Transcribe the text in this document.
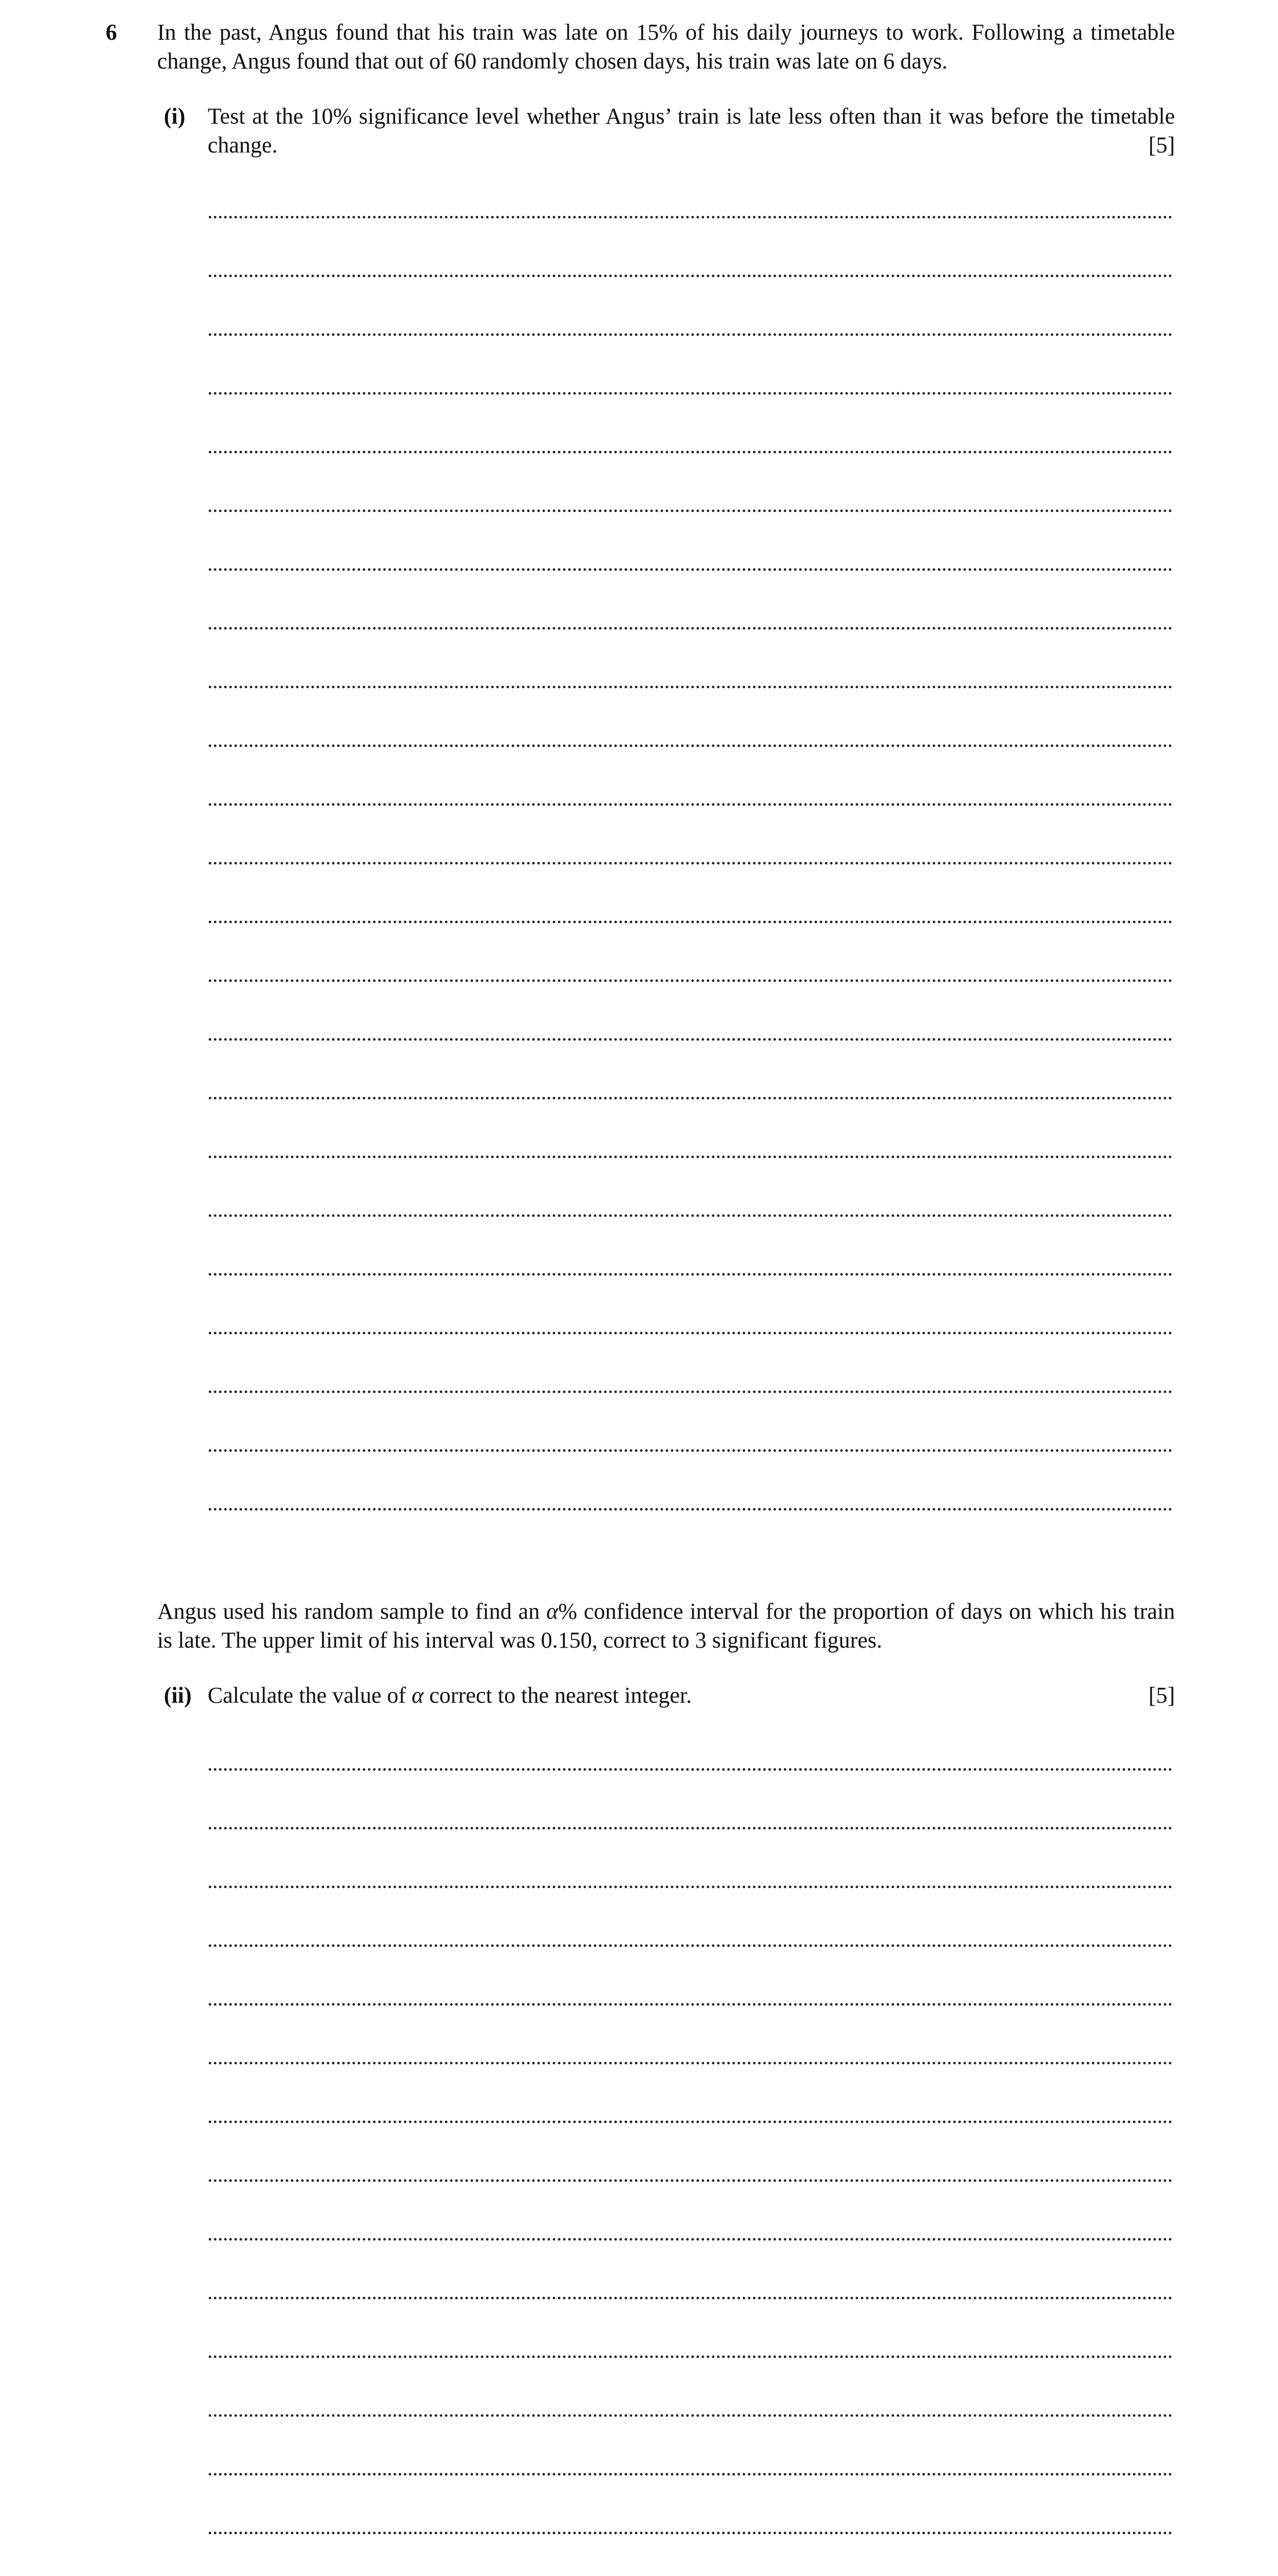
6 In the past, Angus found that his train was late on 15% of his daily journeys to work. Following a timetable change, Angus found that out of 60 randomly chosen days, his train was late on 6 days.
(i) Test at the 10% significance level whether Angus’ train is late less often than it was before the timetable change.	[5]
Angus used his random sample to find an α% confidence interval for the proportion of days on which his train is late. The upper limit of his interval was 0.150, correct to 3 significant figures.
(ii) Calculate the value of α correct to the nearest integer.	[5]
